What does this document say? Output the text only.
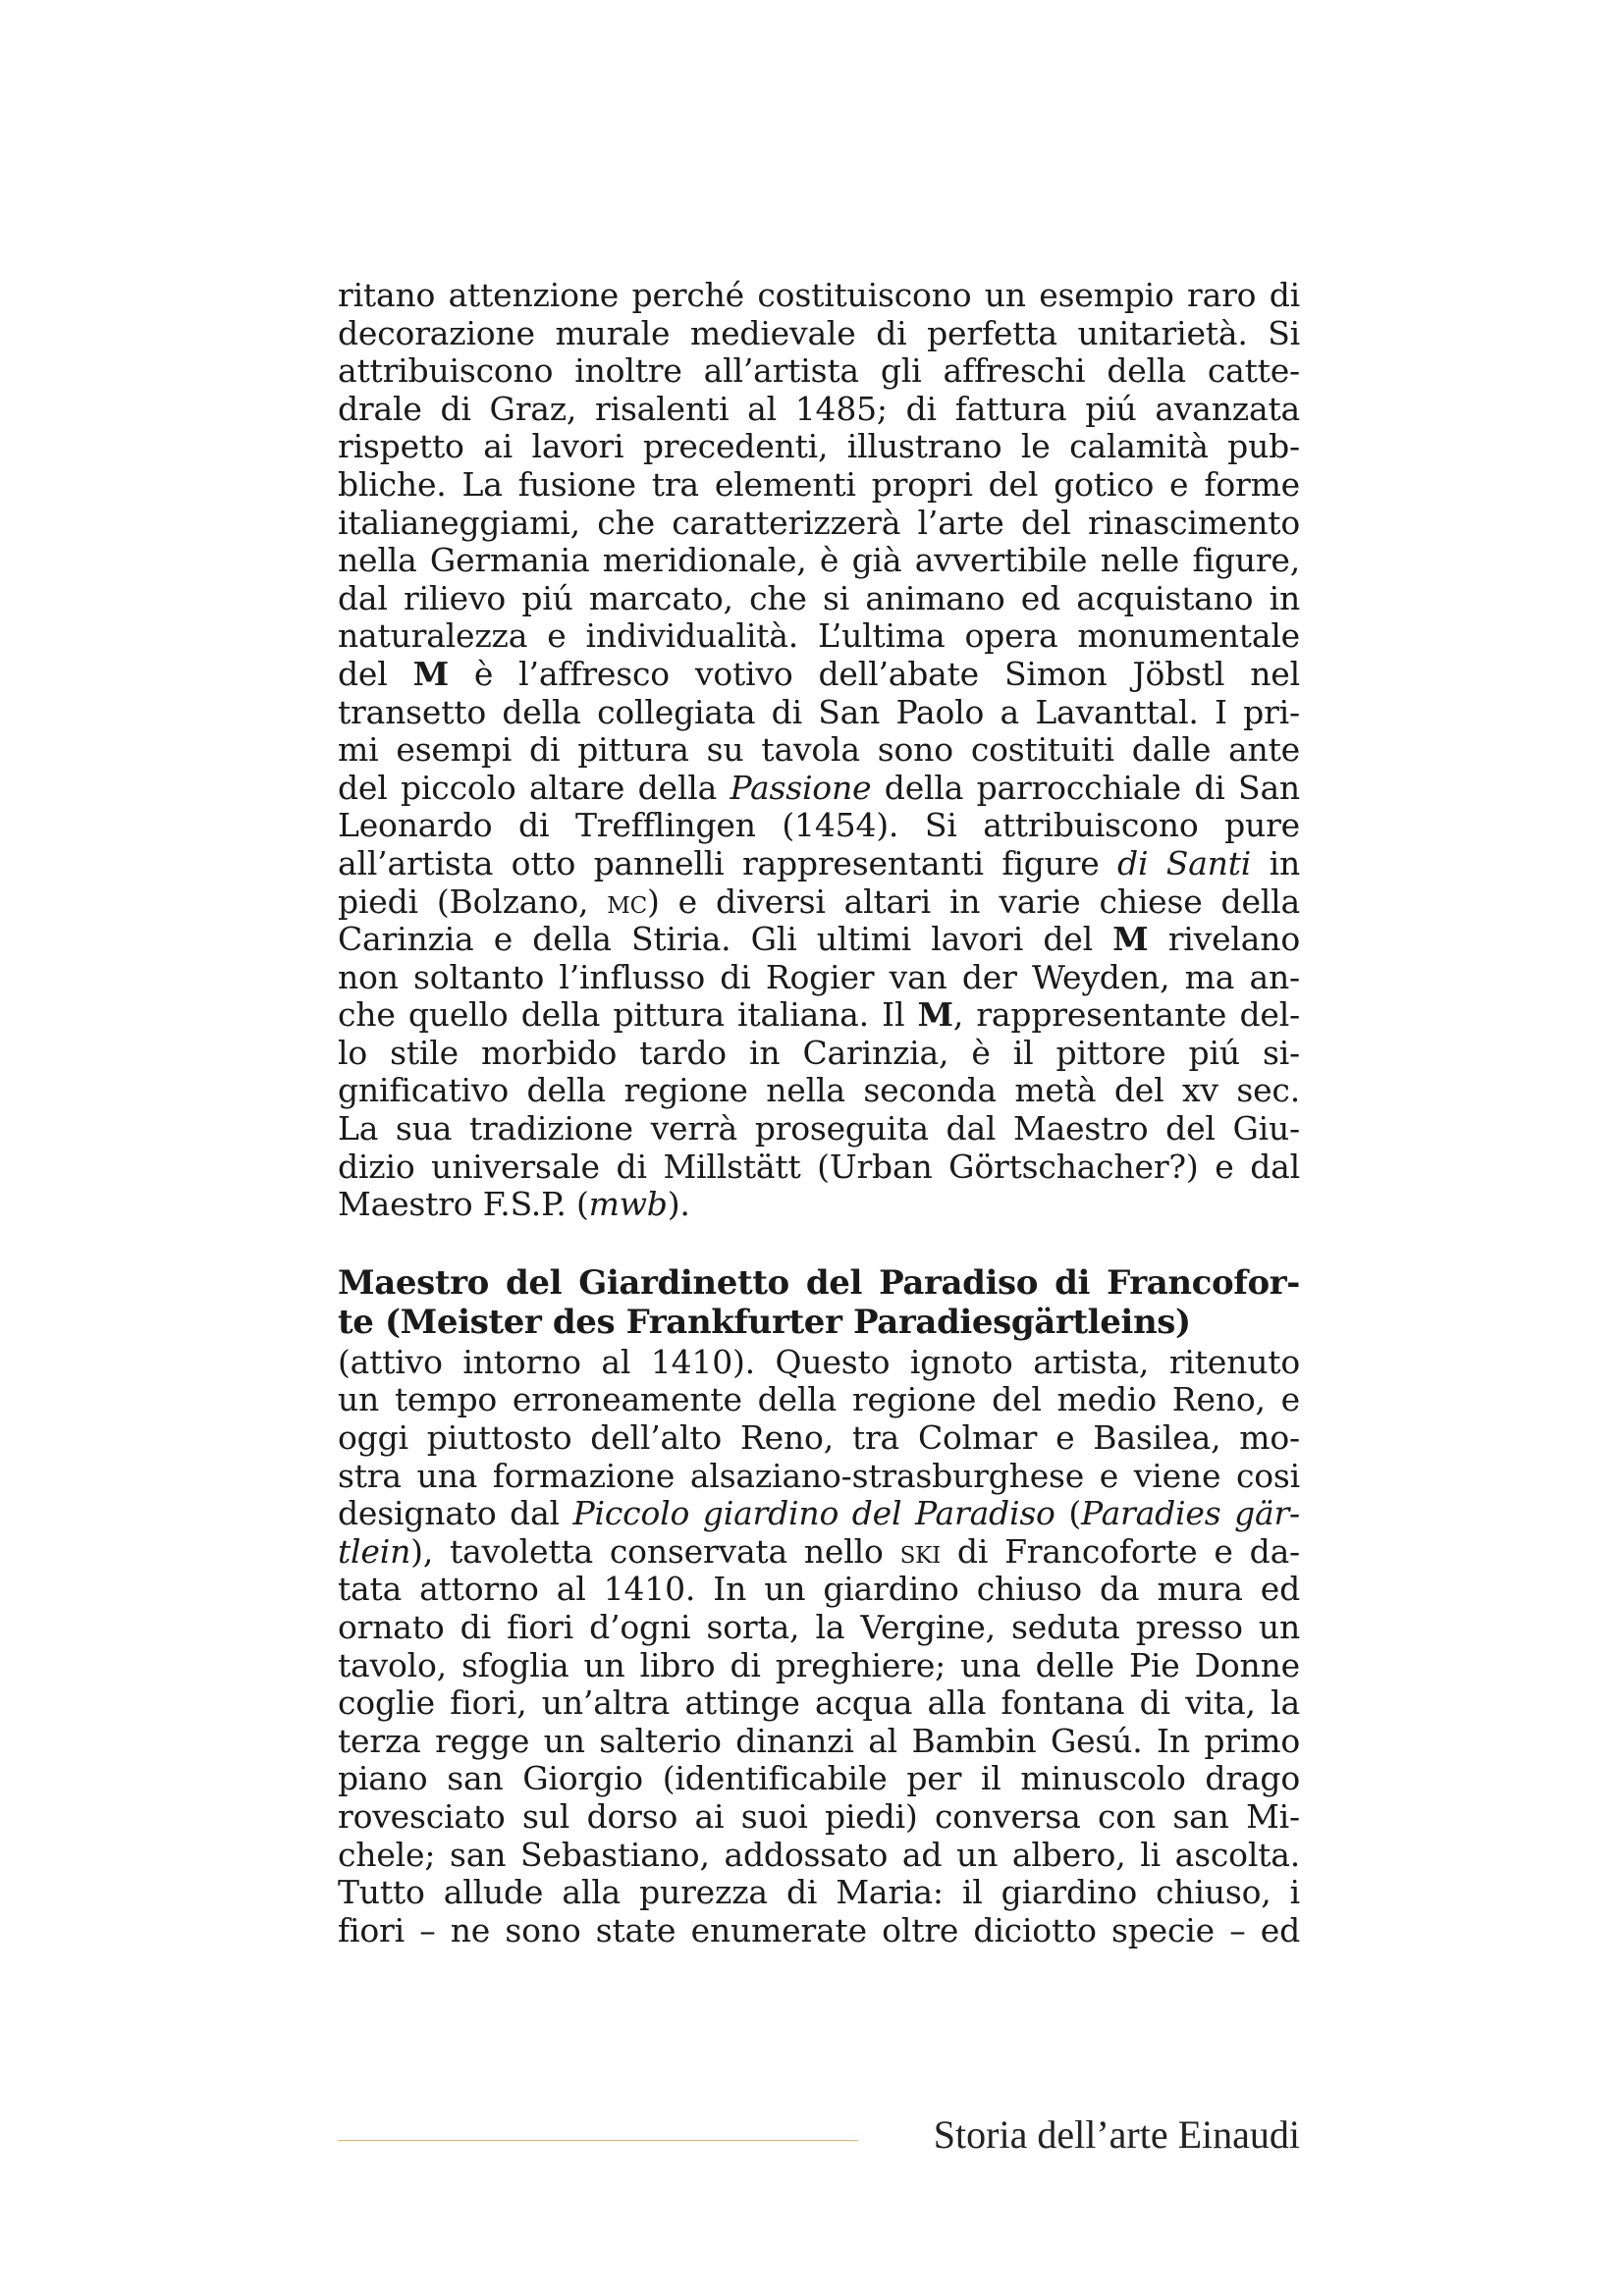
ritano attenzione perché costituiscono un esempio raro di
decorazione murale medievale di perfetta unitarietà. Si
attribuiscono inoltre all’artista gli affreschi della catte-
drale di Graz, risalenti al 1485; di fattura piú avanzata
rispetto ai lavori precedenti, illustrano le calamità pub-
bliche. La fusione tra elementi propri del gotico e forme
italianeggiami, che caratterizzerà l’arte del rinascimento
nella Germania meridionale, è già avvertibile nelle figure,
dal rilievo piú marcato, che si animano ed acquistano in
naturalezza e individualità. L’ultima opera monumentale
del M è l’affresco votivo dell’abate Simon Jöbstl nel
transetto della collegiata di San Paolo a Lavanttal. I pri-
mi esempi di pittura su tavola sono costituiti dalle ante
del piccolo altare della Passione della parrocchiale di San
Leonardo di Trefflingen (1454). Si attribuiscono pure
all’artista otto pannelli rappresentanti figure di Santi in
piedi (Bolzano, mc) e diversi altari in varie chiese della
Carinzia e della Stiria. Gli ultimi lavori del M rivelano
non soltanto l’influsso di Rogier van der Weyden, ma an-
che quello della pittura italiana. Il M, rappresentante del-
lo stile morbido tardo in Carinzia, è il pittore piú si-
gnificativo della regione nella seconda metà del xv sec.
La sua tradizione verrà proseguita dal Maestro del Giu-
dizio universale di Millstätt (Urban Görtschacher?) e dal
Maestro F.S.P. (mwb).
Maestro del Giardinetto del Paradiso di Francofor-
te (Meister des Frankfurter Paradiesgärtleins)
(attivo intorno al 1410). Questo ignoto artista, ritenuto
un tempo erroneamente della regione del medio Reno, e
oggi piuttosto dell’alto Reno, tra Colmar e Basilea, mo-
stra una formazione alsaziano-strasburghese e viene cosi
designato dal Piccolo giardino del Paradiso (Paradies gär-
tlein), tavoletta conservata nello ski di Francoforte e da-
tata attorno al 1410. In un giardino chiuso da mura ed
ornato di fiori d’ogni sorta, la Vergine, seduta presso un
tavolo, sfoglia un libro di preghiere; una delle Pie Donne
coglie fiori, un’altra attinge acqua alla fontana di vita, la
terza regge un salterio dinanzi al Bambin Gesú. In primo
piano san Giorgio (identificabile per il minuscolo drago
rovesciato sul dorso ai suoi piedi) conversa con san Mi-
chele; san Sebastiano, addossato ad un albero, li ascolta.
Tutto allude alla purezza di Maria: il giardino chiuso, i
fiori – ne sono state enumerate oltre diciotto specie – ed
Storia dell’arte Einaudi
